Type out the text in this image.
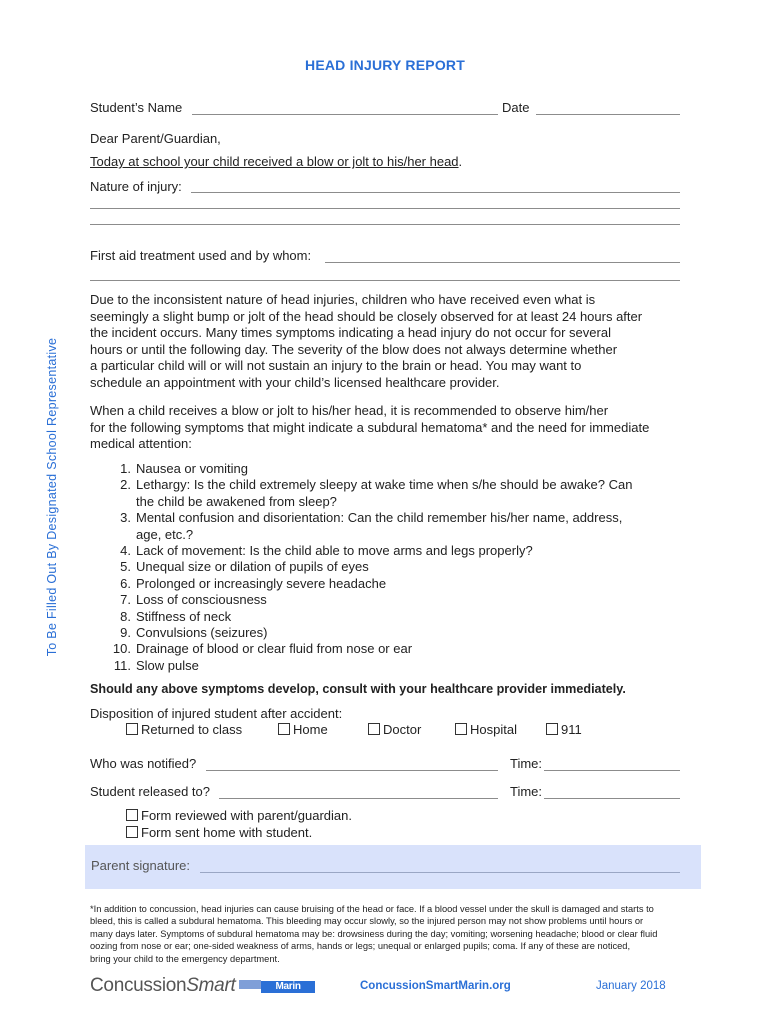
HEAD INJURY REPORT
To Be Filled Out By Designated School Representative
Student’s Name	Date
Dear Parent/Guardian,
Today at school your child received a blow or jolt to his/her head.
Nature of injury:
First aid treatment used and by whom:
Due to the inconsistent nature of head injuries, children who have received even what is
seemingly a slight bump or jolt of the head should be closely observed for at least 24 hours after
the incident occurs. Many times symptoms indicating a head injury do not occur for several
hours or until the following day. The severity of the blow does not always determine whether
a particular child will or will not sustain an injury to the brain or head. You may want to
schedule an appointment with your child’s licensed healthcare provider.
When a child receives a blow or jolt to his/her head, it is recommended to observe him/her
for the following symptoms that might indicate a subdural hematoma* and the need for immediate
medical attention:
1. Nausea or vomiting
2. Lethargy: Is the child extremely sleepy at wake time when s/he should be awake? Can
the child be awakened from sleep?
3. Mental confusion and disorientation: Can the child remember his/her name, address,
age, etc.?
4. Lack of movement: Is the child able to move arms and legs properly?
5. Unequal size or dilation of pupils of eyes
6. Prolonged or increasingly severe headache
7. Loss of consciousness
8. Stiffness of neck
9. Convulsions (seizures)
10. Drainage of blood or clear fluid from nose or ear
11. Slow pulse
Should any above symptoms develop, consult with your healthcare provider immediately.
Disposition of injured student after accident:
Returned to class	Home	Doctor	Hospital	911
Who was notified?	Time:
Student released to?	Time:
Form reviewed with parent/guardian.
Form sent home with student.
Parent signature:
*In addition to concussion, head injuries can cause bruising of the head or face. If a blood vessel under the skull is damaged and starts to
bleed, this is called a subdural hematoma. This bleeding may occur slowly, so the injured person may not show problems until hours or
many days later. Symptoms of subdural hematoma may be: drowsiness during the day; vomiting; worsening headache; blood or clear fluid
oozing from nose or ear; one-sided weakness of arms, hands or legs; unequal or enlarged pupils; coma. If any of these are noticed,
bring your child to the emergency department.
ConcussionSmart	Marin	ConcussionSmartMarin.org	January 2018
